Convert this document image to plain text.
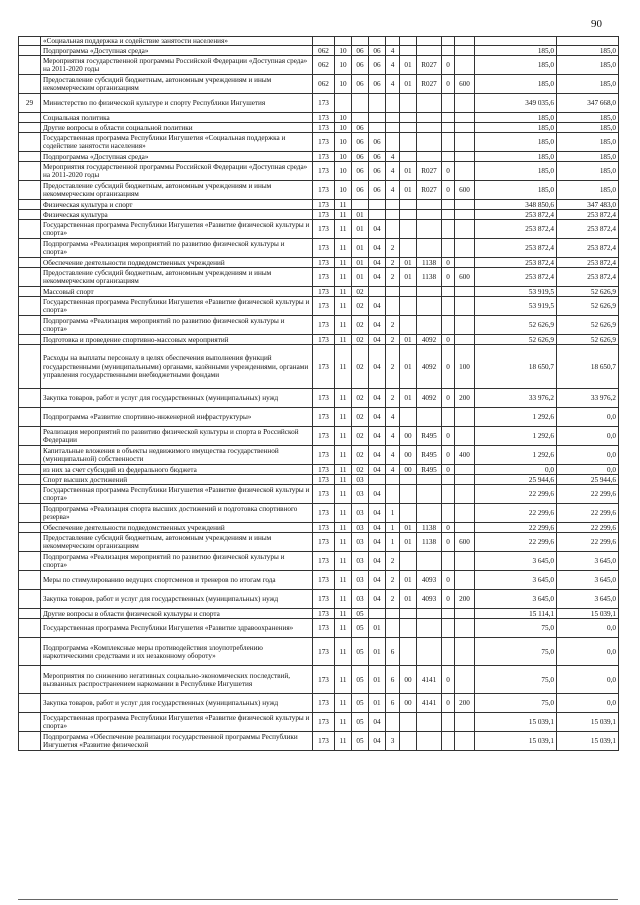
90
	«Социальная поддержка и содействие занятости населения»											
	Подпрограмма «Доступная среда»	062	10	06	06	4					185,0	185,0
	Мероприятия государственной программы Российской Федерации «Доступная среда» на 2011-2020 годы	062	10	06	06	4	01	R027	0		185,0	185,0
	Предоставление субсидий бюджетным, автономным учреждениям и иным некоммерческим организациям	062	10	06	06	4	01	R027	0	600	185,0	185,0
29	Министерство по физической культуре и спорту Республики Ингушетия	173									349 035,6	347 668,0
	Социальная политика	173	10								185,0	185,0
	Другие вопросы в области социальной политики	173	10	06							185,0	185,0
	Государственная программа Республики Ингушетия «Социальная поддержка и содействие занятости населения»	173	10	06	06						185,0	185,0
	Подпрограмма «Доступная среда»	173	10	06	06	4					185,0	185,0
	Мероприятия государственной программы Российской Федерации «Доступная среда» на 2011-2020 годы	173	10	06	06	4	01	R027	0		185,0	185,0
	Предоставление субсидий бюджетным, автономным учреждениям и иным некоммерческим организациям	173	10	06	06	4	01	R027	0	600	185,0	185,0
	Физическая культура и спорт	173	11								348 850,6	347 483,0
	Физическая культура	173	11	01							253 872,4	253 872,4
	Государственная программа Республики Ингушетия «Развитие физической культуры и спорта»	173	11	01	04						253 872,4	253 872,4
	Подпрограмма «Реализация мероприятий по развитию физической культуры и спорта»	173	11	01	04	2					253 872,4	253 872,4
	Обеспечение деятельности подведомственных учреждений	173	11	01	04	2	01	1138	0		253 872,4	253 872,4
	Предоставление субсидий бюджетным, автономным учреждениям и иным некоммерческим организациям	173	11	01	04	2	01	1138	0	600	253 872,4	253 872,4
	Массовый спорт	173	11	02							53 919,5	52 626,9
	Государственная программа Республики Ингушетия «Развитие физической культуры и спорта»	173	11	02	04						53 919,5	52 626,9
	Подпрограмма «Реализация мероприятий по развитию физической культуры и спорта»	173	11	02	04	2					52 626,9	52 626,9
	Подготовка и проведение спортивно-массовых мероприятий	173	11	02	04	2	01	4092	0		52 626,9	52 626,9
	Расходы на выплаты персоналу в целях обеспечения выполнения функций государственными (муниципальными) органами, казёнными учреждениями, органами управления государственными внебюджетными фондами	173	11	02	04	2	01	4092	0	100	18 650,7	18 650,7
	Закупка товаров, работ и услуг для государственных (муниципальных) нужд	173	11	02	04	2	01	4092	0	200	33 976,2	33 976,2
	Подпрограмма «Развитие спортивно-инженерной инфраструктуры»	173	11	02	04	4					1 292,6	0,0
	Реализация мероприятий по развитию физической культуры и спорта в Российской Федерации	173	11	02	04	4	00	R495	0		1 292,6	0,0
	Капитальные вложения в объекты недвижимого имущества государственной (муниципальной) собственности	173	11	02	04	4	00	R495	0	400	1 292,6	0,0
	из них за счет субсидий из федерального бюджета	173	11	02	04	4	00	R495	0		0,0	0,0
	Спорт высших достижений	173	11	03							25 944,6	25 944,6
	Государственная программа Республики Ингушетия «Развитие физической культуры и спорта»	173	11	03	04						22 299,6	22 299,6
	Подпрограмма «Реализация спорта высших достижений и подготовка спортивного резерва»	173	11	03	04	1					22 299,6	22 299,6
	Обеспечение деятельности подведомственных учреждений	173	11	03	04	1	01	1138	0		22 299,6	22 299,6
	Предоставление субсидий бюджетным, автономным учреждениям и иным некоммерческим организациям	173	11	03	04	1	01	1138	0	600	22 299,6	22 299,6
	Подпрограмма «Реализация мероприятий по развитию физической культуры и спорта»	173	11	03	04	2					3 645,0	3 645,0
	Меры по стимулированию ведущих спортсменов и тренеров по итогам года	173	11	03	04	2	01	4093	0		3 645,0	3 645,0
	Закупка товаров, работ и услуг для государственных (муниципальных) нужд	173	11	03	04	2	01	4093	0	200	3 645,0	3 645,0
	Другие вопросы в области физической культуры и спорта	173	11	05							15 114,1	15 039,1
	Государственная программа Республики Ингушетия «Развитие здравоохранения»	173	11	05	01						75,0	0,0
	Подпрограмма «Комплексные меры противодействия злоупотреблению наркотическими средствами и их незаконному обороту»	173	11	05	01	6					75,0	0,0
	Мероприятия по снижению негативных социально-экономических последствий, вызванных распространением наркомании в Республике Ингушетия	173	11	05	01	6	00	4141	0		75,0	0,0
	Закупка товаров, работ и услуг для государственных (муниципальных) нужд	173	11	05	01	6	00	4141	0	200	75,0	0,0
	Государственная программа Республики Ингушетия «Развитие физической культуры и спорта»	173	11	05	04						15 039,1	15 039,1
	Подпрограмма «Обеспечение реализации государственной программы Республики Ингушетия «Развитие физической	173	11	05	04	3					15 039,1	15 039,1
